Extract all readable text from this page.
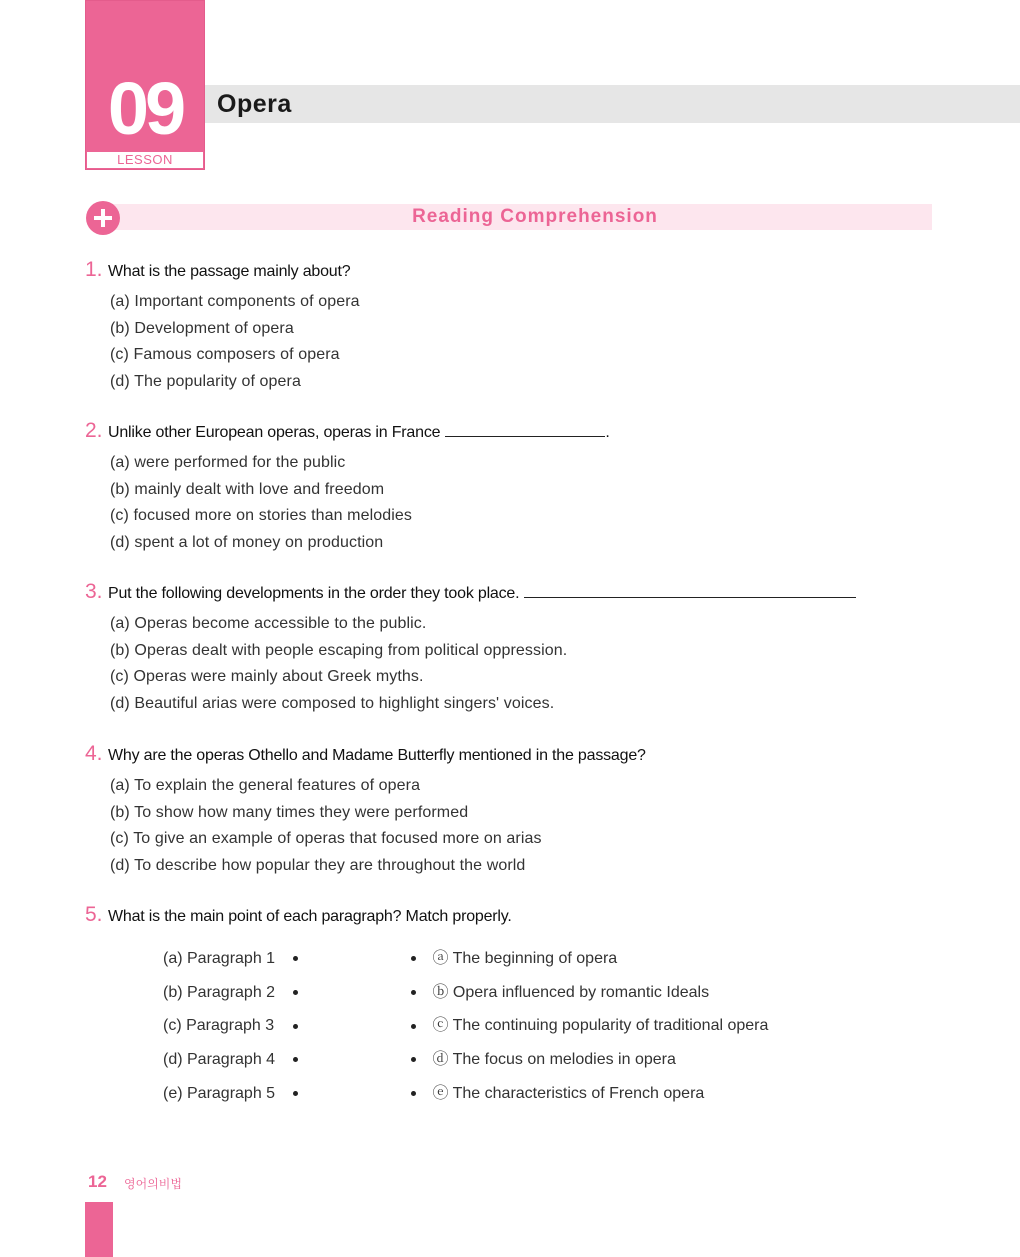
09
LESSON
Opera
Reading Comprehension
1. What is the passage mainly about?
(a) Important components of opera
(b) Development of opera
(c) Famous composers of opera
(d) The popularity of opera
2. Unlike other European operas, operas in France	.
(a) were performed for the public
(b) mainly dealt with love and freedom
(c) focused more on stories than melodies
(d) spent a lot of money on production
3. Put the following developments in the order they took place.
(a) Operas become accessible to the public.
(b) Operas dealt with people escaping from political oppression.
(c) Operas were mainly about Greek myths.
(d) Beautiful arias were composed to highlight singers' voices.
4. Why are the operas Othello and Madame Butterfly mentioned in the passage?
(a) To explain the general features of opera
(b) To show how many times they were performed
(c) To give an example of operas that focused more on arias
(d) To describe how popular they are throughout the world
5. What is the main point of each paragraph? Match properly.
(a) Paragraph 1
(b) Paragraph 2
(c) Paragraph 3
(d) Paragraph 4
(e) Paragraph 5
ⓐ The beginning of opera
ⓑ Opera influenced by romantic Ideals
ⓒ The continuing popularity of traditional opera
ⓓ The focus on melodies in opera
ⓔ The characteristics of French opera
12 영어의비법
